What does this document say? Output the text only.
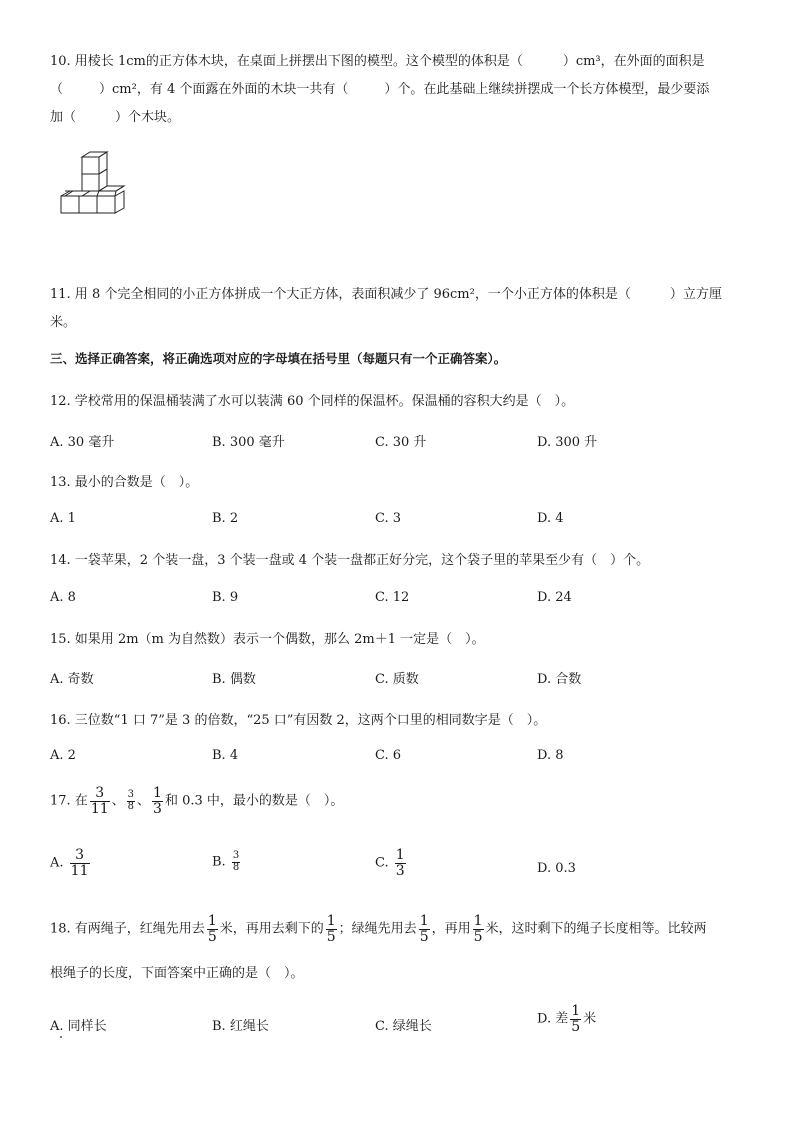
10. 用棱长 1cm的正方体木块，在桌面上拼摆出下图的模型。这个模型的体积是（	）cm³，在外面的面积是
（	）cm²，有 4 个面露在外面的木块一共有（	）个。在此基础上继续拼摆成一个长方体模型，最少要添
加（　　　）个木块。
11. 用 8 个完全相同的小正方体拼成一个大正方体，表面积减少了 96cm²，一个小正方体的体积是（　　　）立方厘
米。
三、选择正确答案，将正确选项对应的字母填在括号里（每题只有一个正确答案）。
12. 学校常用的保温桶装满了水可以装满 60 个同样的保温杯。保温桶的容积大约是（　）。
A. 30 毫升	B. 300 毫升	C. 30 升	D. 300 升
13. 最小的合数是（　）。
A. 1	B. 2	C. 3	D. 4
14. 一袋苹果，2 个装一盘，3 个装一盘或 4 个装一盘都正好分完，这个袋子里的苹果至少有（　）个。
A. 8	B. 9	C. 12	D. 24
15. 如果用 2m（m 为自然数）表示一个偶数，那么 2m＋1 一定是（　）。
A. 奇数	B. 偶数	C. 质数	D. 合数
16. 三位数“1 口 7”是 3 的倍数，“25 口”有因数 2，这两个口里的相同数字是（　）。
A. 2	B. 4	C. 6	D. 8
17. 在 $\frac{3}{11}$ 、 $\frac{3}{8}$ 、 $\frac{1}{3}$ 和 0.3 中，最小的数是（　）。
A. $\frac{3}{11}$	B. $\frac{3}{8}$	C. $\frac{1}{3}$	D. 0.3
18. 有两绳子，红绳先用去 $\frac{1}{5}$ 米，再用去剩下的 $\frac{1}{5}$ ；绿绳先用去 $\frac{1}{5}$ ，再用 $\frac{1}{5}$ 米，这时剩下的绳子长度相等。比较两
根绳子的长度，下面答案中正确的是（　）。
A. 同样长	B. 红绳长	C. 绿绳长	D. 差 $\frac{1}{5}$ 米
